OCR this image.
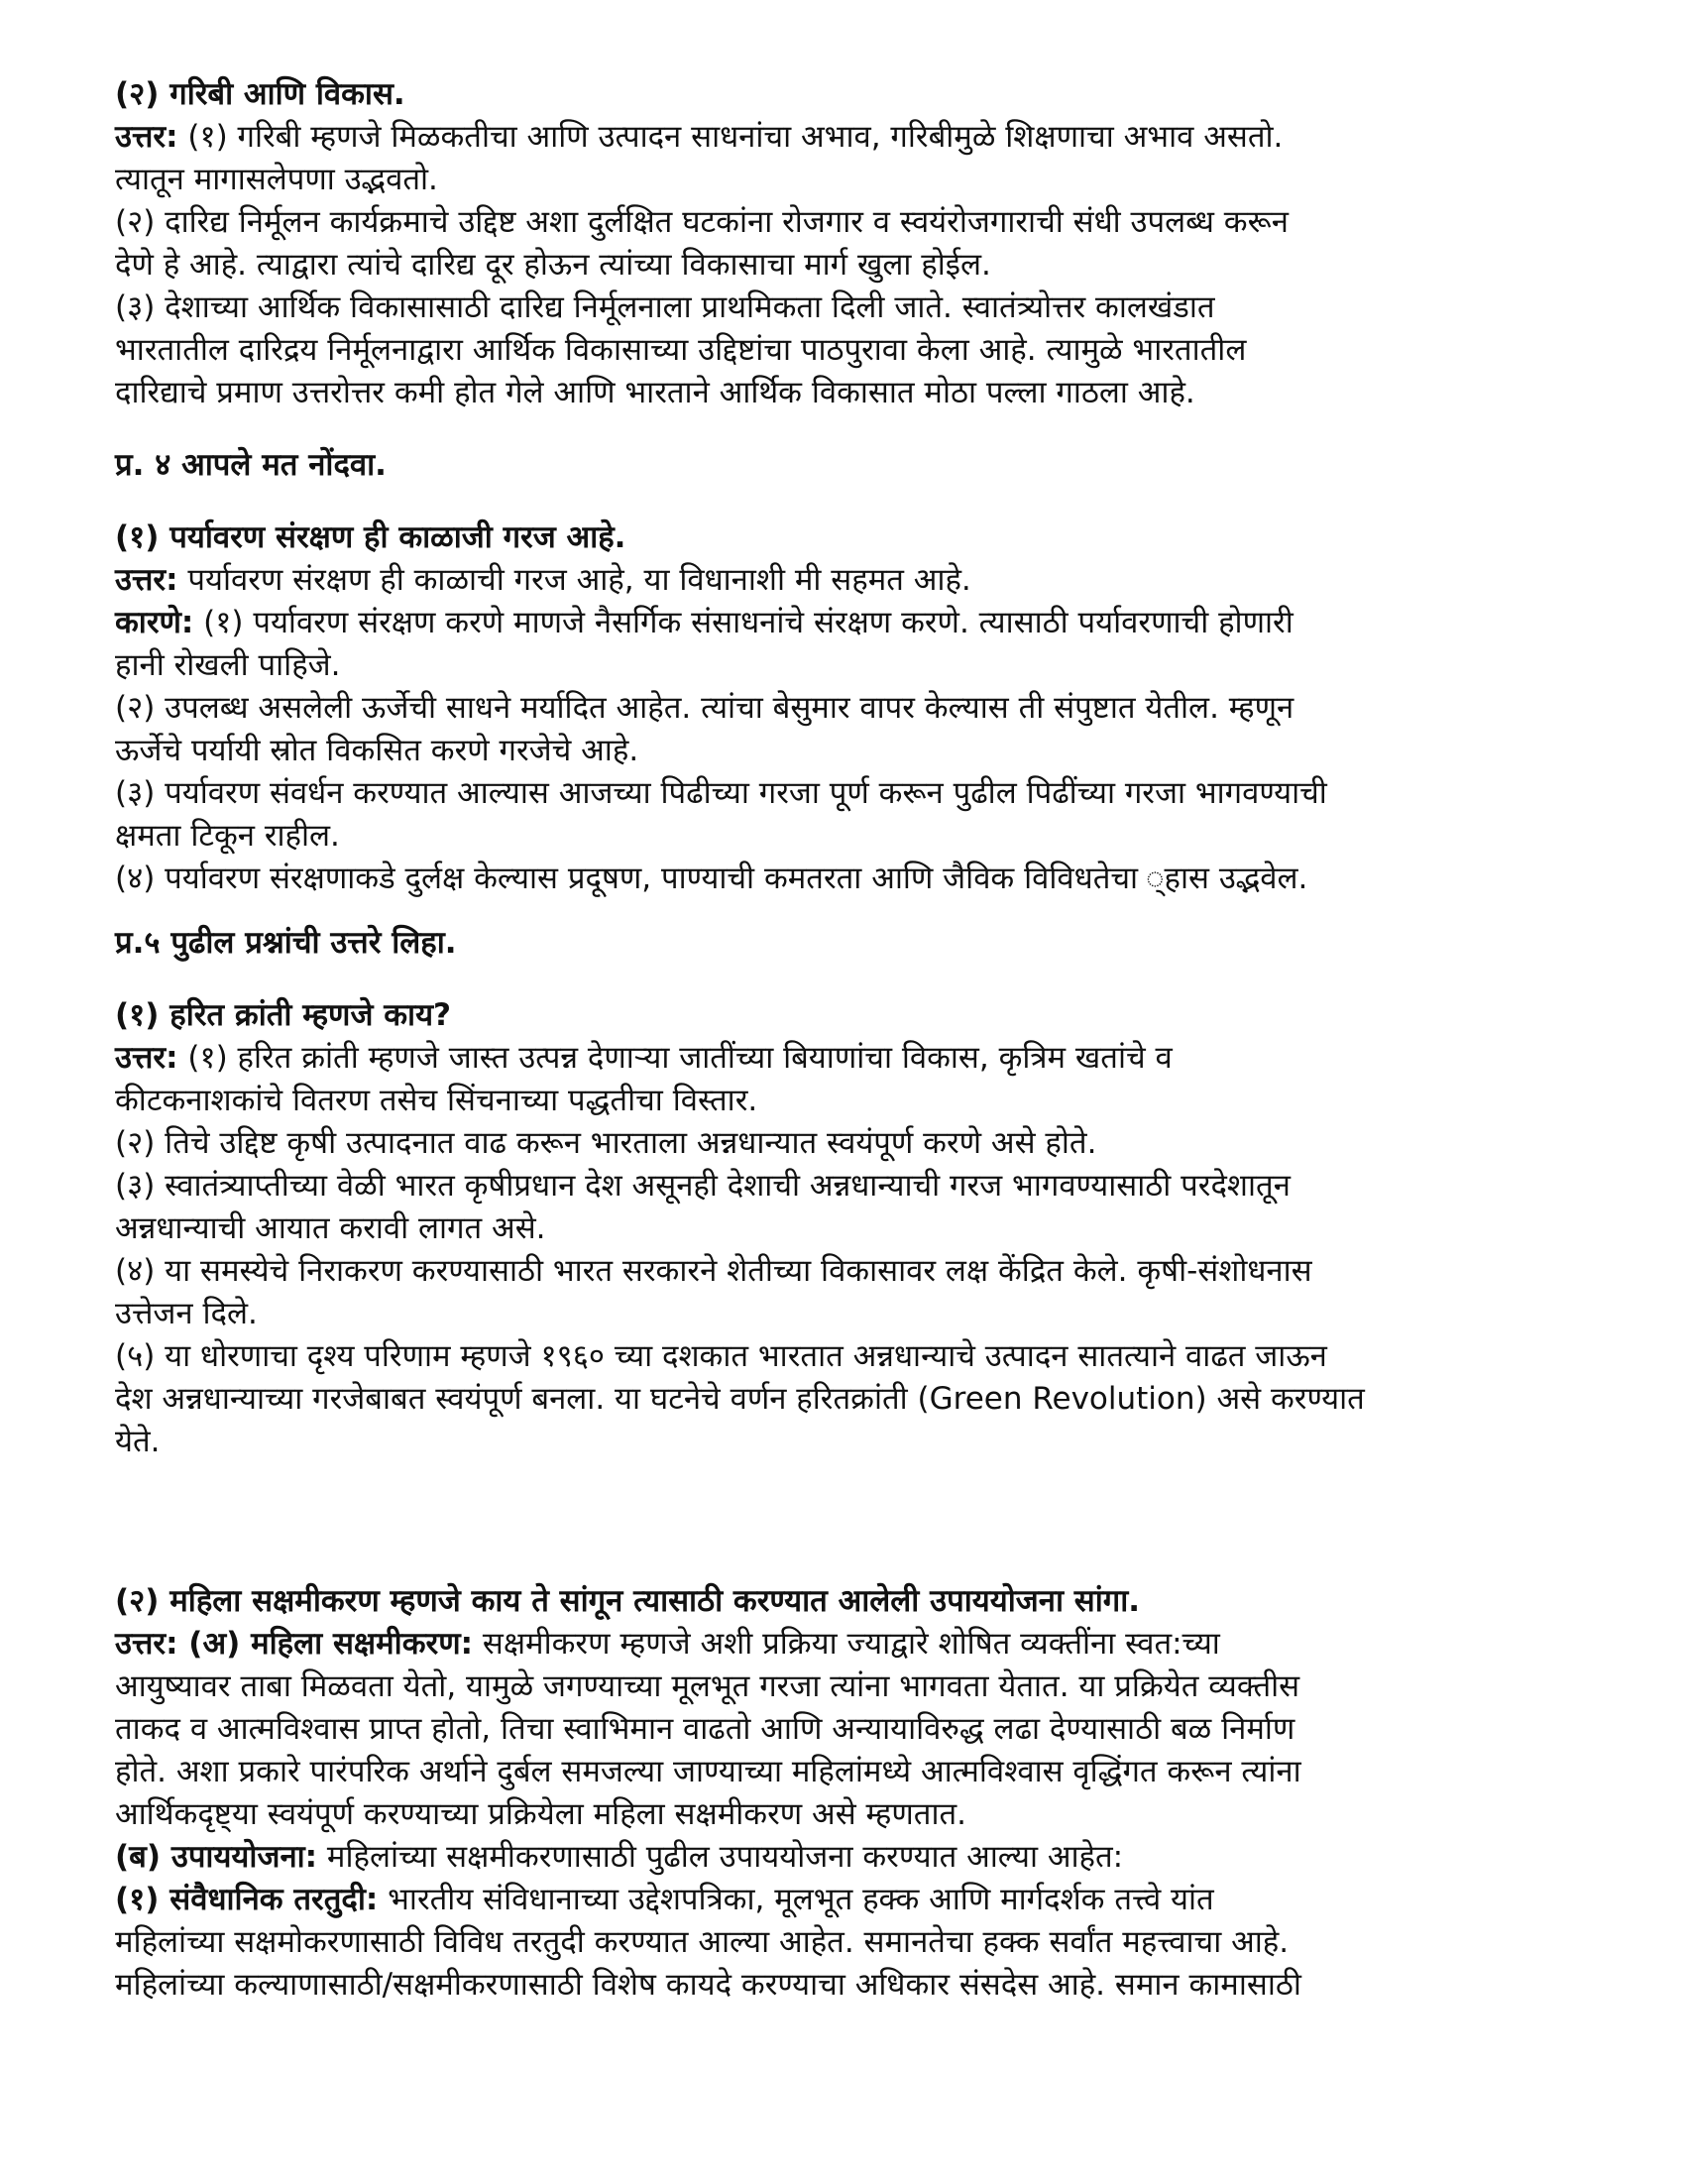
(२) गरिबी आणि विकास.

उत्तर: (१) गरिबी म्हणजे मिळकतीचा आणि उत्पादन साधनांचा अभाव, गरिबीमुळे शिक्षणाचा अभाव असतो.

त्यातून मागासलेपणा उद्भवतो.

(२) दारिद्य निर्मूलन कार्यक्रमाचे उद्दिष्ट अशा दुर्लक्षित घटकांना रोजगार व स्वयंरोजगाराची संधी उपलब्ध करून

देणे हे आहे. त्याद्वारा त्यांचे दारिद्य दूर होऊन त्यांच्या विकासाचा मार्ग खुला होईल.

(३) देशाच्या आर्थिक विकासासाठी दारिद्य निर्मूलनाला प्राथमिकता दिली जाते. स्वातंत्र्योत्तर कालखंडात

भारतातील दारिद्रय निर्मूलनाद्वारा आर्थिक विकासाच्या उद्दिष्टांचा पाठपुरावा केला आहे. त्यामुळे भारतातील

दारिद्याचे प्रमाण उत्तरोत्तर कमी होत गेले आणि भारताने आर्थिक विकासात मोठा पल्ला गाठला आहे.

प्र. ४ आपले मत नोंदवा.

(१) पर्यावरण संरक्षण ही काळाजी गरज आहे.

उत्तर: पर्यावरण संरक्षण ही काळाची गरज आहे, या विधानाशी मी सहमत आहे.

कारणे: (१) पर्यावरण संरक्षण करणे माणजे नैसर्गिक संसाधनांचे संरक्षण करणे. त्यासाठी पर्यावरणाची होणारी

हानी रोखली पाहिजे.

(२) उपलब्ध असलेली ऊर्जेची साधने मर्यादित आहेत. त्यांचा बेसुमार वापर केल्यास ती संपुष्टात येतील. म्हणून

ऊर्जेचे पर्यायी स्रोत विकसित करणे गरजेचे आहे.

(३) पर्यावरण संवर्धन करण्यात आल्यास आजच्या पिढीच्या गरजा पूर्ण करून पुढील पिढींच्या गरजा भागवण्याची

क्षमता टिकून राहील.

(४) पर्यावरण संरक्षणाकडे दुर्लक्ष केल्यास प्रदूषण, पाण्याची कमतरता आणि जैविक विविधतेचा ्हास उद्भवेल.

प्र.५ पुढील प्रश्नांची उत्तरे लिहा.

(१) हरित क्रांती म्हणजे काय?

उत्तर: (१) हरित क्रांती म्हणजे जास्त उत्पन्न देणाऱ्या जातींच्या बियाणांचा विकास, कृत्रिम खतांचे व

कीटकनाशकांचे वितरण तसेच सिंचनाच्या पद्धतीचा विस्तार.

(२) तिचे उद्दिष्ट कृषी उत्पादनात वाढ करून भारताला अन्नधान्यात स्वयंपूर्ण करणे असे होते.

(३) स्वातंत्र्याप्तीच्या वेळी भारत कृषीप्रधान देश असूनही देशाची अन्नधान्याची गरज भागवण्यासाठी परदेशातून

अन्नधान्याची आयात करावी लागत असे.

(४) या समस्येचे निराकरण करण्यासाठी भारत सरकारने शेतीच्या विकासावर लक्ष केंद्रित केले. कृषी-संशोधनास

उत्तेजन दिले.

(५) या धोरणाचा दृश्य परिणाम म्हणजे १९६० च्या दशकात भारतात अन्नधान्याचे उत्पादन सातत्याने वाढत जाऊन

देश अन्नधान्याच्या गरजेबाबत स्वयंपूर्ण बनला. या घटनेचे वर्णन हरितक्रांती (Green Revolution) असे करण्यात

येते.

(२) महिला सक्षमीकरण म्हणजे काय ते सांगून त्यासाठी करण्यात आलेली उपाययोजना सांगा.

उत्तर: (अ) महिला सक्षमीकरण: सक्षमीकरण म्हणजे अशी प्रक्रिया ज्याद्वारे शोषित व्यक्तींना स्वत:च्या

आयुष्यावर ताबा मिळवता येतो, यामुळे जगण्याच्या मूलभूत गरजा त्यांना भागवता येतात. या प्रक्रियेत व्यक्तीस

ताकद व आत्मविश्वास प्राप्त होतो, तिचा स्वाभिमान वाढतो आणि अन्यायाविरुद्ध लढा देण्यासाठी बळ निर्माण

होते. अशा प्रकारे पारंपरिक अर्थाने दुर्बल समजल्या जाण्याच्या महिलांमध्ये आत्मविश्वास वृद्धिंगत करून त्यांना

आर्थिकदृष्ट्या स्वयंपूर्ण करण्याच्या प्रक्रियेला महिला सक्षमीकरण असे म्हणतात.

(ब) उपाययोजना: महिलांच्या सक्षमीकरणासाठी पुढील उपाययोजना करण्यात आल्या आहेत:

(१) संवैधानिक तरतुदी: भारतीय संविधानाच्या उद्देशपत्रिका, मूलभूत हक्क आणि मार्गदर्शक तत्त्वे यांत

महिलांच्या सक्षमोकरणासाठी विविध तरतुदी करण्यात आल्या आहेत. समानतेचा हक्क सर्वांत महत्त्वाचा आहे.

महिलांच्या कल्याणासाठी/सक्षमीकरणासाठी विशेष कायदे करण्याचा अधिकार संसदेस आहे. समान कामासाठी
